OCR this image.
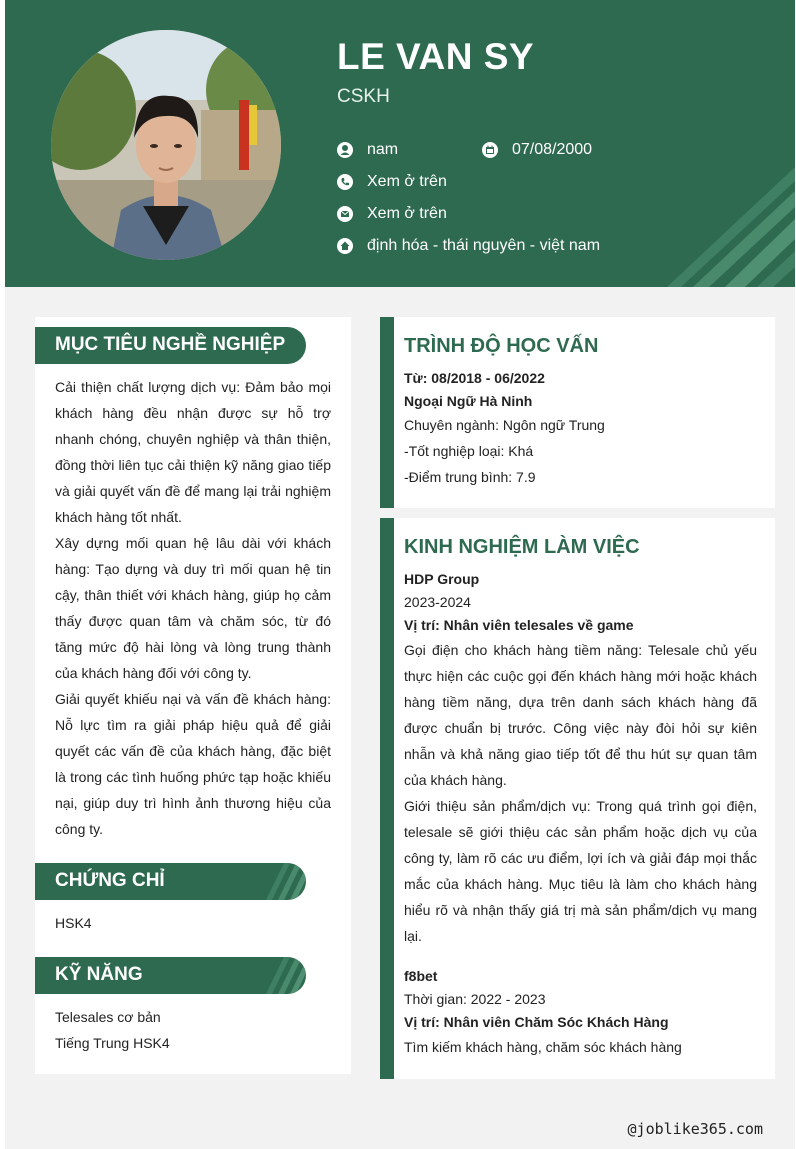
LE VAN SY
CSKH
nam	07/08/2000
Xem ở trên
Xem ở trên
định hóa - thái nguyên - việt nam
MỤC TIÊU NGHỀ NGHIỆP

Cải thiện chất lượng dịch vụ: Đảm bảo mọi khách hàng đều nhận được sự hỗ trợ nhanh chóng, chuyên nghiệp và thân thiện, đồng thời liên tục cải thiện kỹ năng giao tiếp và giải quyết vấn đề để mang lại trải nghiệm khách hàng tốt nhất.

Xây dựng mối quan hệ lâu dài với khách hàng: Tạo dựng và duy trì mối quan hệ tin cậy, thân thiết với khách hàng, giúp họ cảm thấy được quan tâm và chăm sóc, từ đó tăng mức độ hài lòng và lòng trung thành của khách hàng đối với công ty.

Giải quyết khiếu nại và vấn đề khách hàng: Nỗ lực tìm ra giải pháp hiệu quả để giải quyết các vấn đề của khách hàng, đặc biệt là trong các tình huống phức tạp hoặc khiếu nại, giúp duy trì hình ảnh thương hiệu của công ty.

CHỨNG CHỈ
HSK4
KỸ NĂNG
Telesales cơ bản
Tiếng Trung HSK4
TRÌNH ĐỘ HỌC VẤN
Từ: 08/2018 - 06/2022
Ngoại Ngữ Hà Ninh
Chuyên ngành: Ngôn ngữ Trung
-Tốt nghiệp loại: Khá
-Điểm trung bình: 7.9
KINH NGHIỆM LÀM VIỆC
HDP Group
2023-2024
Vị trí: Nhân viên telesales về game

Gọi điện cho khách hàng tiềm năng: Telesale chủ yếu thực hiện các cuộc gọi đến khách hàng mới hoặc khách hàng tiềm năng, dựa trên danh sách khách hàng đã được chuẩn bị trước. Công việc này đòi hỏi sự kiên nhẫn và khả năng giao tiếp tốt để thu hút sự quan tâm của khách hàng.

Giới thiệu sản phẩm/dịch vụ: Trong quá trình gọi điện, telesale sẽ giới thiệu các sản phẩm hoặc dịch vụ của công ty, làm rõ các ưu điểm, lợi ích và giải đáp mọi thắc mắc của khách hàng. Mục tiêu là làm cho khách hàng hiểu rõ và nhận thấy giá trị mà sản phẩm/dịch vụ mang lại.

f8bet
Thời gian: 2022 - 2023
Vị trí: Nhân viên Chăm Sóc Khách Hàng

Tìm kiếm khách hàng, chăm sóc khách hàng

@joblike365.com
